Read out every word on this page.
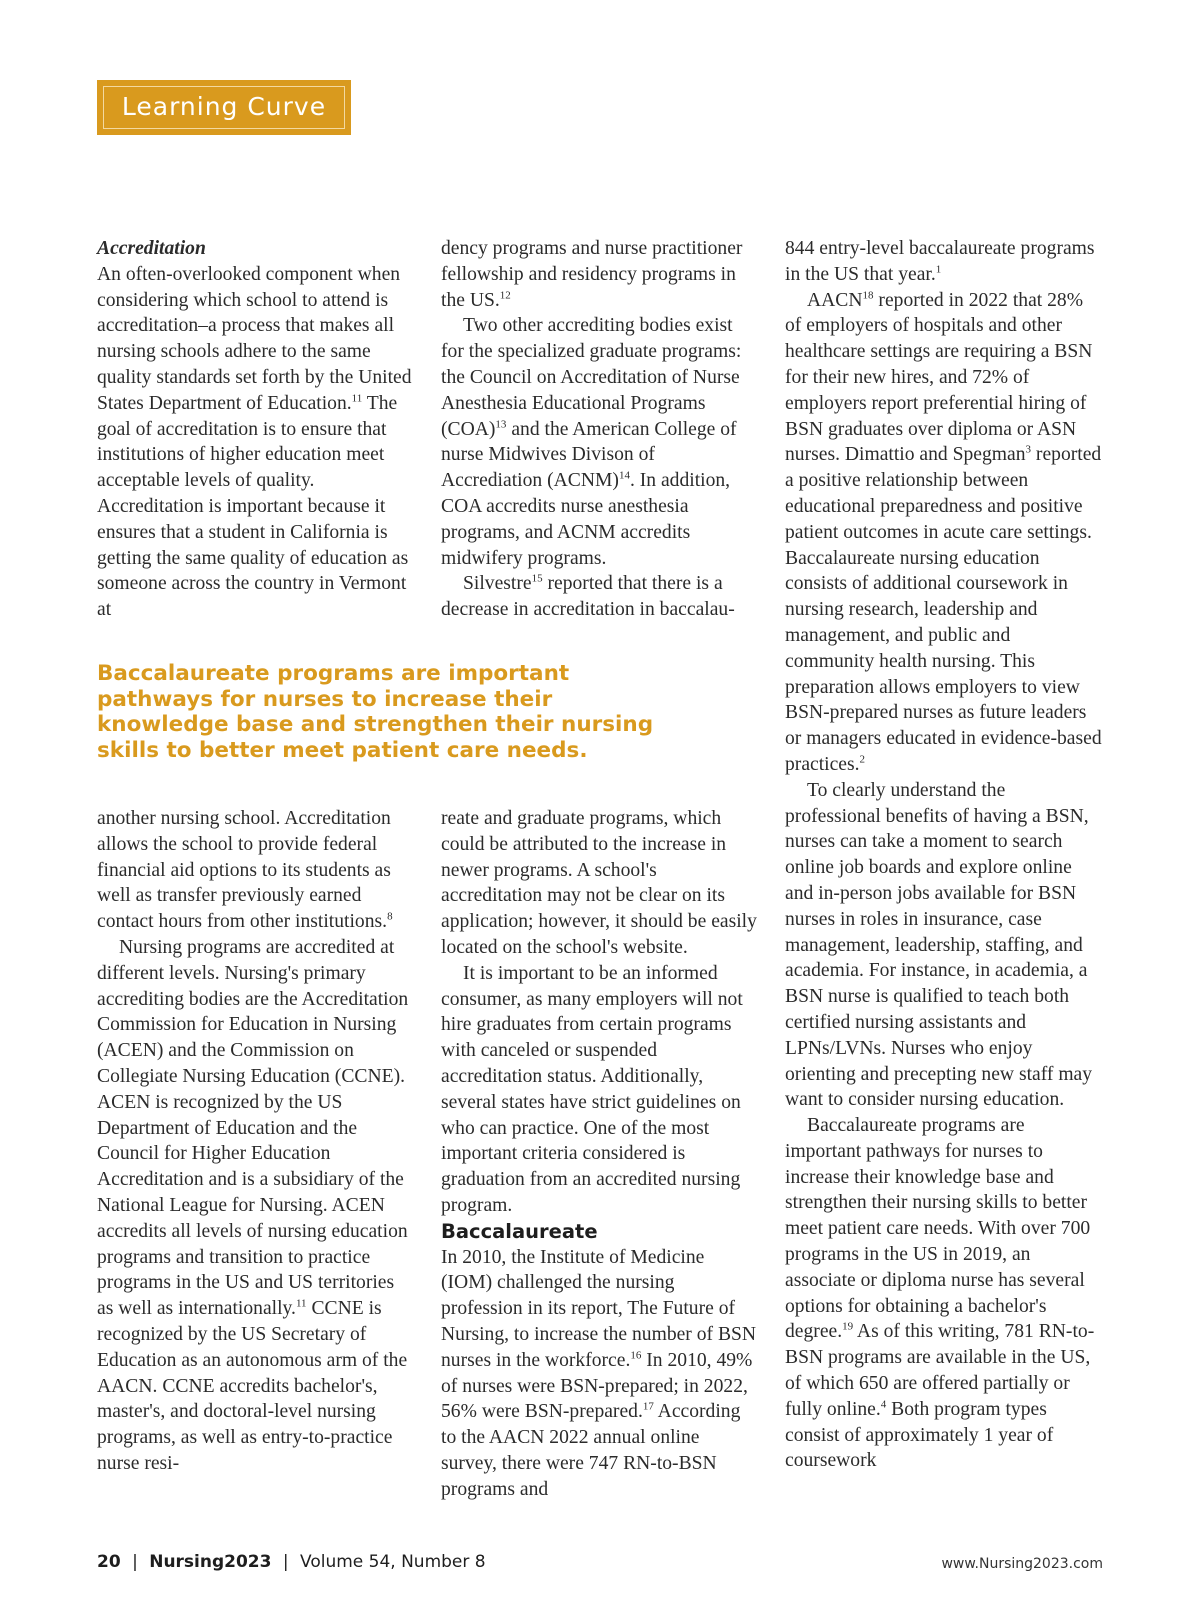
Learning Curve

Accreditation

An often-overlooked component when considering which school to attend is accreditation–a process that makes all nursing schools adhere to the same quality standards set forth by the United States Department of Education.$^{11}$ The goal of accreditation is to ensure that institutions of higher education meet acceptable levels of quality. Accreditation is important because it ensures that a student in California is getting the same quality of education as someone across the country in Vermont at

dency programs and nurse practitioner fellowship and residency programs in the US.$^{12}$

Two other accrediting bodies exist for the specialized graduate programs: the Council on Accreditation of Nurse Anesthesia Educational Programs (COA)$^{13}$ and the American College of nurse Midwives Divison of Accrediation (ACNM)$^{14}$. In addition, COA accredits nurse anesthesia programs, and ACNM accredits midwifery programs.

Silvestre$^{15}$ reported that there is a decrease in accreditation in baccalau-

Baccalaureate programs are important pathways for nurses to increase their knowledge base and strengthen their nursing skills to better meet patient care needs.

another nursing school. Accreditation allows the school to provide federal financial aid options to its students as well as transfer previously earned contact hours from other institutions.$^8$

Nursing programs are accredited at different levels. Nursing's primary accrediting bodies are the Accreditation Commission for Education in Nursing (ACEN) and the Commission on Collegiate Nursing Education (CCNE). ACEN is recognized by the US Department of Education and the Council for Higher Education Accreditation and is a subsidiary of the National League for Nursing. ACEN accredits all levels of nursing education programs and transition to practice programs in the US and US territories as well as internationally.$^{11}$ CCNE is recognized by the US Secretary of Education as an autonomous arm of the AACN. CCNE accredits bachelor's, master's, and doctoral-level nursing programs, as well as entry-to-practice nurse resi-

reate and graduate programs, which could be attributed to the increase in newer programs. A school's accreditation may not be clear on its application; however, it should be easily located on the school's website.

It is important to be an informed consumer, as many employers will not hire graduates from certain programs with canceled or suspended accreditation status. Additionally, several states have strict guidelines on who can practice. One of the most important criteria considered is graduation from an accredited nursing program.

Baccalaureate

In 2010, the Institute of Medicine (IOM) challenged the nursing profession in its report, The Future of Nursing, to increase the number of BSN nurses in the workforce.$^{16}$ In 2010, 49% of nurses were BSN-prepared; in 2022, 56% were BSN-prepared.$^{17}$ According to the AACN 2022 annual online survey, there were 747 RN-to-BSN programs and

844 entry-level baccalaureate programs in the US that year.$^1$

AACN$^{18}$ reported in 2022 that 28% of employers of hospitals and other healthcare settings are requiring a BSN for their new hires, and 72% of employers report preferential hiring of BSN graduates over diploma or ASN nurses. Dimattio and Spegman$^3$ reported a positive relationship between educational preparedness and positive patient outcomes in acute care settings. Baccalaureate nursing education consists of additional coursework in nursing research, leadership and management, and public and community health nursing. This preparation allows employers to view BSN-prepared nurses as future leaders or managers educated in evidence-based practices.$^2$

To clearly understand the professional benefits of having a BSN, nurses can take a moment to search online job boards and explore online and in-person jobs available for BSN nurses in roles in insurance, case management, leadership, staffing, and academia. For instance, in academia, a BSN nurse is qualified to teach both certified nursing assistants and LPNs/LVNs. Nurses who enjoy orienting and precepting new staff may want to consider nursing education.

Baccalaureate programs are important pathways for nurses to increase their knowledge base and strengthen their nursing skills to better meet patient care needs. With over 700 programs in the US in 2019, an associate or diploma nurse has several options for obtaining a bachelor's degree.$^{19}$ As of this writing, 781 RN-to-BSN programs are available in the US, of which 650 are offered partially or fully online.$^4$ Both program types consist of approximately 1 year of coursework

20 | Nursing2023 | Volume 54, Number 8	www.Nursing2023.com
